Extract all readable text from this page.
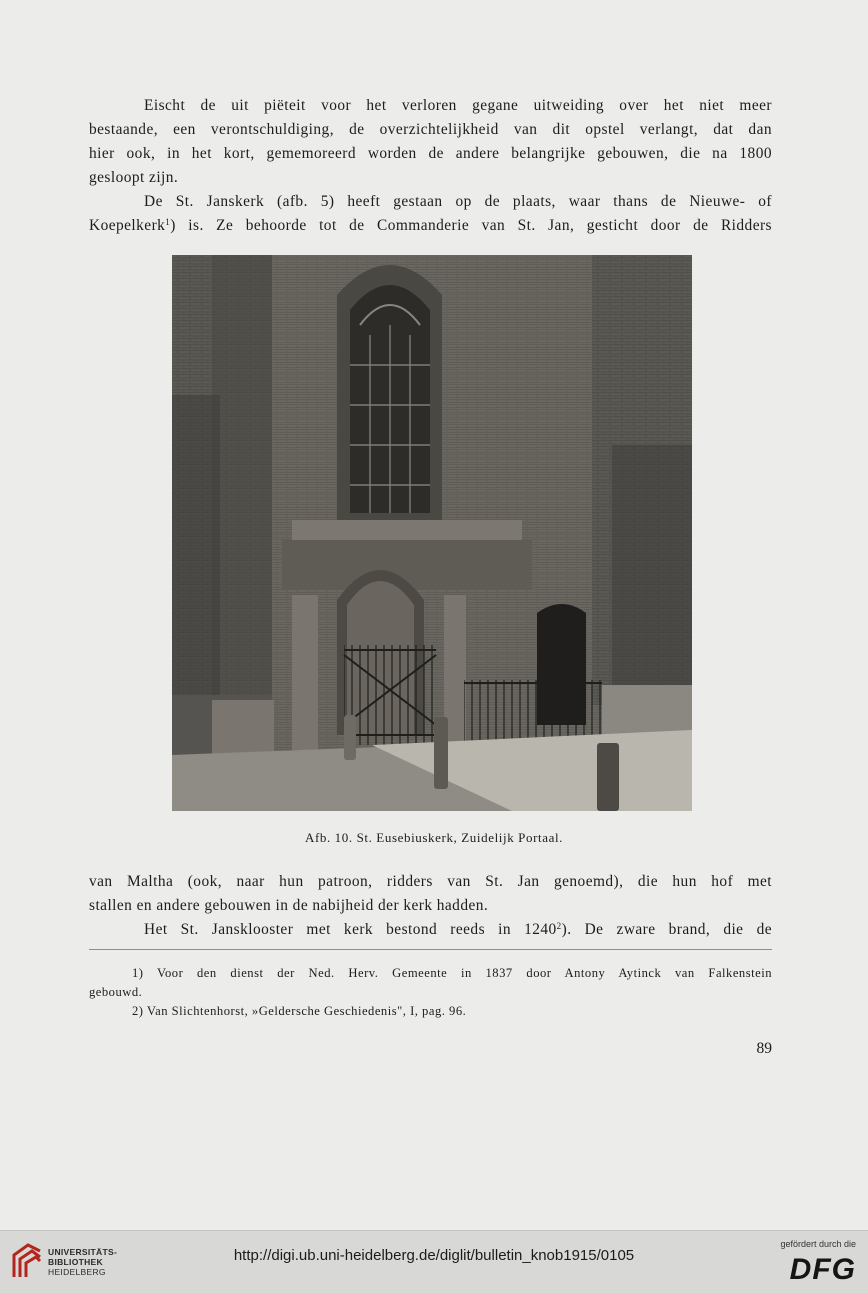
Eischt de uit piëteit voor het verloren gegane uitweiding over het niet meer
bestaande, een verontschuldiging, de overzichtelijkheid van dit opstel verlangt, dat dan
hier ook, in het kort, gememoreerd worden de andere belangrijke gebouwen, die na 1800
gesloopt zijn.
De St. Janskerk (afb. 5) heeft gestaan op de plaats, waar thans de Nieuwe- of
Koepelkerk$^1$) is. Ze behoorde tot de Commanderie van St. Jan, gesticht door de Ridders
Afb. 10. St. Eusebiuskerk, Zuidelijk Portaal.
van Maltha (ook, naar hun patroon, ridders van St. Jan genoemd), die hun hof met
stallen en andere gebouwen in de nabijheid der kerk hadden.
Het St. Jansklooster met kerk bestond reeds in 1240$^2$). De zware brand, die de
1) Voor den dienst der Ned. Herv. Gemeente in 1837 door Antony Aytinck van Falkenstein
gebouwd.
2) Van Slichtenhorst, »Geldersche Geschiedenis", I, pag. 96.
89
UNIVERSITÄTS-
BIBLIOTHEK
HEIDELBERG
http://digi.ub.uni-heidelberg.de/diglit/bulletin_knob1915/0105
gefördert durch die
DFG
